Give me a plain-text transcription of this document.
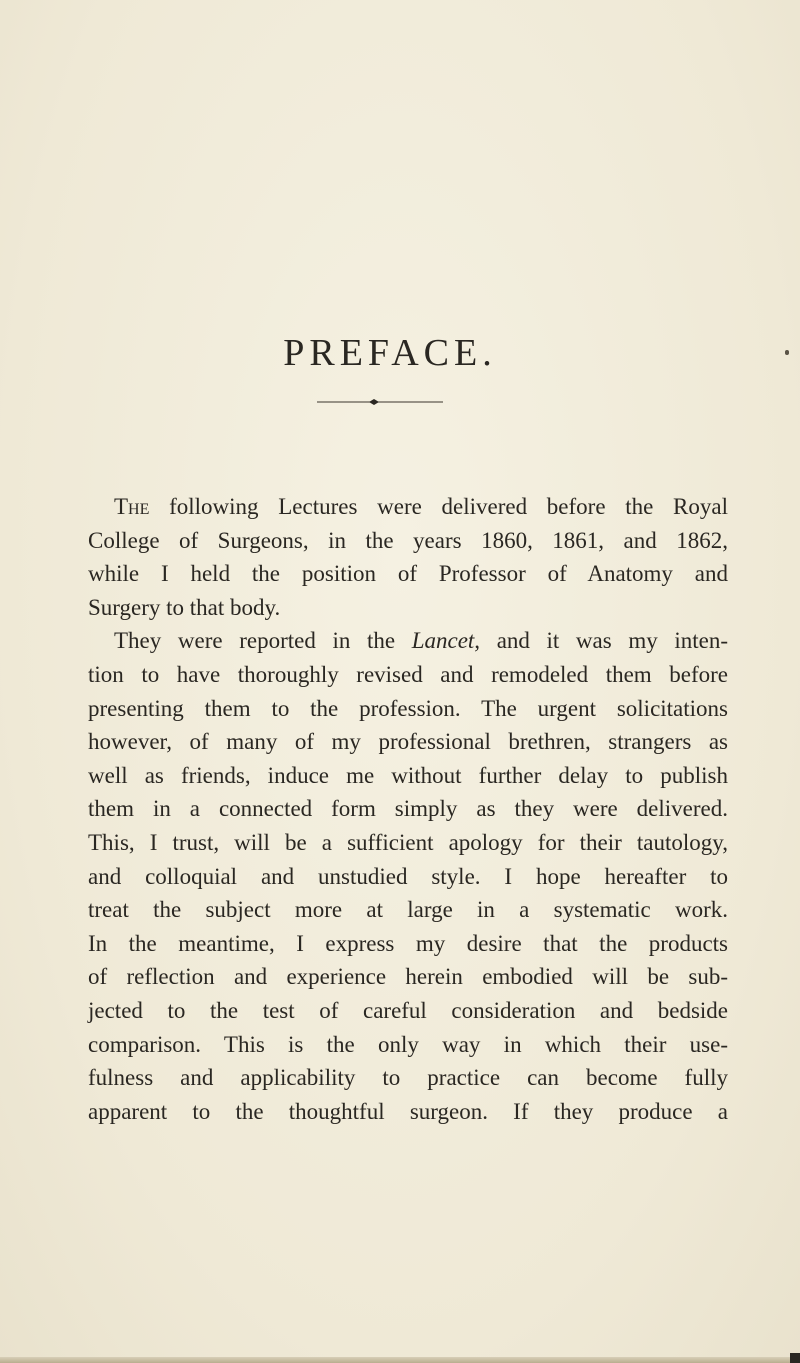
PREFACE.

The following Lectures were delivered before the Royal
College of Surgeons, in the years 1860, 1861, and 1862,
while I held the position of Professor of Anatomy and
Surgery to that body.

They were reported in the Lancet, and it was my inten-
tion to have thoroughly revised and remodeled them before
presenting them to the profession. The urgent solicitations
however, of many of my professional brethren, strangers as
well as friends, induce me without further delay to publish
them in a connected form simply as they were delivered.
This, I trust, will be a sufficient apology for their tautology,
and colloquial and unstudied style. I hope hereafter to
treat the subject more at large in a systematic work.
In the meantime, I express my desire that the products
of reflection and experience herein embodied will be sub-
jected to the test of careful consideration and bedside
comparison. This is the only way in which their use-
fulness and applicability to practice can become fully
apparent to the thoughtful surgeon. If they produce a
